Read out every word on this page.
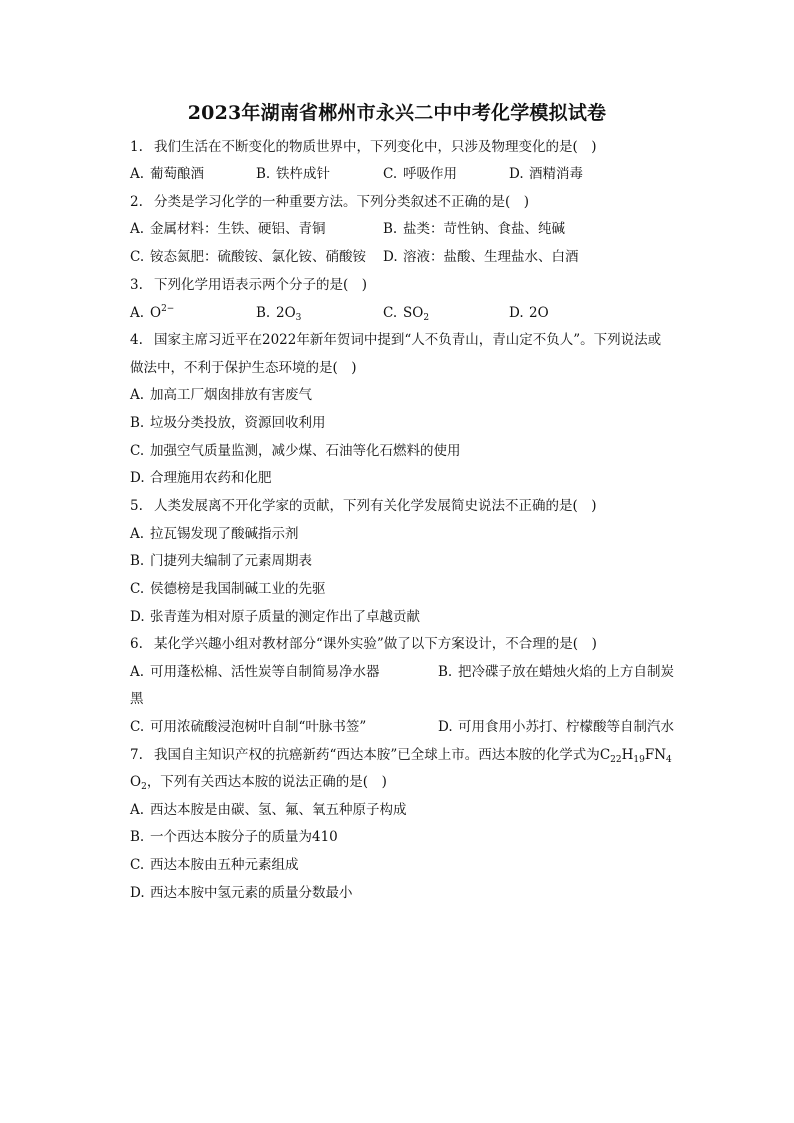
2023年湖南省郴州市永兴二中中考化学模拟试卷
1. 我们生活在不断变化的物质世界中，下列变化中，只涉及物理变化的是(　)
A. 葡萄酿酒	B. 铁杵成针	C. 呼吸作用	D. 酒精消毒
2. 分类是学习化学的一种重要方法。下列分类叙述不正确的是(　)
A. 金属材料：生铁、硬铝、青铜	B. 盐类：苛性钠、食盐、纯碱
C. 铵态氮肥：硫酸铵、氯化铵、硝酸铵 D. 溶液：盐酸、生理盐水、白酒
3. 下列化学用语表示两个分子的是(　)
A. $O^{2-}$	B. $2O_3$	C. $SO_2$	D. 2O
4. 国家主席习近平在2022年新年贺词中提到“人不负青山，青山定不负人”。下列说法或
做法中，不利于保护生态环境的是(　)
A. 加高工厂烟囱排放有害废气
B. 垃圾分类投放，资源回收利用
C. 加强空气质量监测，减少煤、石油等化石燃料的使用
D. 合理施用农药和化肥
5. 人类发展离不开化学家的贡献，下列有关化学发展简史说法不正确的是(　)
A. 拉瓦锡发现了酸碱指示剂
B. 门捷列夫编制了元素周期表
C. 侯德榜是我国制碱工业的先驱
D. 张青莲为相对原子质量的测定作出了卓越贡献
6. 某化学兴趣小组对教材部分“课外实验”做了以下方案设计，不合理的是(　)
A. 可用蓬松棉、活性炭等自制简易净水器	B. 把冷碟子放在蜡烛火焰的上方自制炭
黑
C. 可用浓硫酸浸泡树叶自制“叶脉书签”	D. 可用食用小苏打、柠檬酸等自制汽水
7. 我国自主知识产权的抗癌新药“西达本胺”已全球上市。西达本胺的化学式为$C_{22}H_{19}FN_4$
$O_2$，下列有关西达本胺的说法正确的是(　)
A. 西达本胺是由碳、氢、氟、氧五种原子构成
B. 一个西达本胺分子的质量为410
C. 西达本胺由五种元素组成
D. 西达本胺中氢元素的质量分数最小
